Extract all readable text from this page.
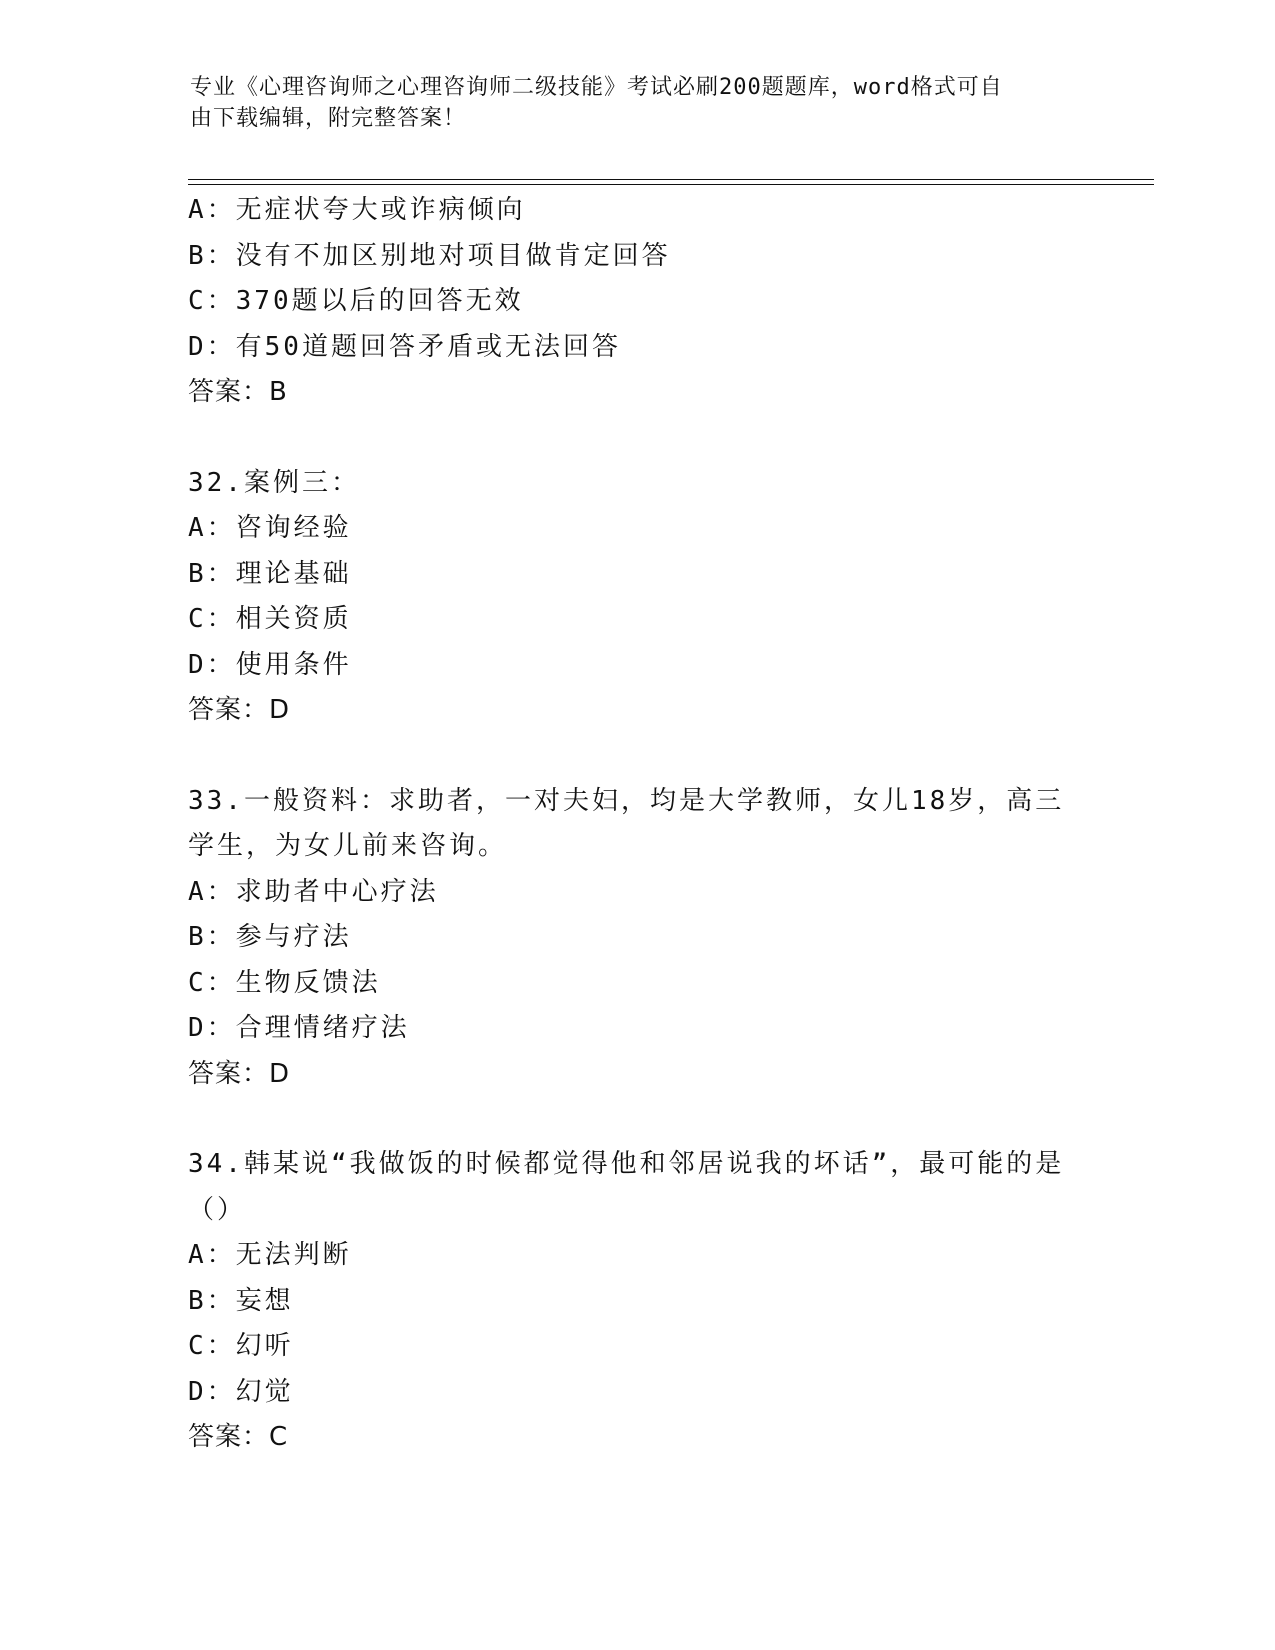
专业《心理咨询师之心理咨询师二级技能》考试必刷200题题库，word格式可自
由下载编辑，附完整答案！
A：无症状夸大或诈病倾向
B：没有不加区别地对项目做肯定回答
C：370题以后的回答无效
D：有50道题回答矛盾或无法回答
答案：B
32.案例三：
A：咨询经验
B：理论基础
C：相关资质
D：使用条件
答案：D
33.一般资料：求助者，一对夫妇，均是大学教师，女儿18岁，高三
学生，为女儿前来咨询。
A：求助者中心疗法
B：参与疗法
C：生物反馈法
D：合理情绪疗法
答案：D
34.韩某说“我做饭的时候都觉得他和邻居说我的坏话”，最可能的是
（）
A：无法判断
B：妄想
C：幻听
D：幻觉
答案：C
